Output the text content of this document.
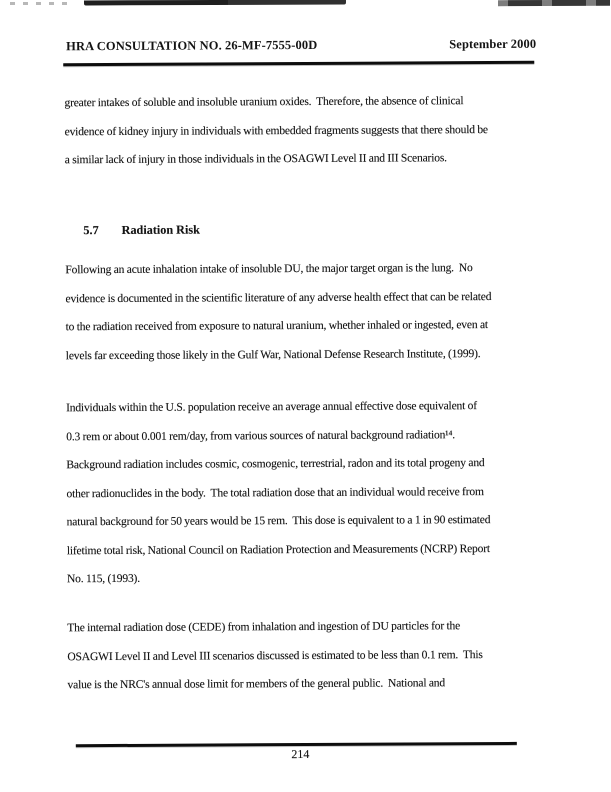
HRA CONSULTATION NO. 26-MF-7555-00D	September 2000
greater intakes of soluble and insoluble uranium oxides.  Therefore, the absence of clinical
evidence of kidney injury in individuals with embedded fragments suggests that there should be
a similar lack of injury in those individuals in the OSAGWI Level II and III Scenarios.

5.7 Radiation Risk

Following an acute inhalation intake of insoluble DU, the major target organ is the lung.  No
evidence is documented in the scientific literature of any adverse health effect that can be related
to the radiation received from exposure to natural uranium, whether inhaled or ingested, even at
levels far exceeding those likely in the Gulf War, National Defense Research Institute, (1999).
Individuals within the U.S. population receive an average annual effective dose equivalent of
0.3 rem or about 0.001 rem/day, from various sources of natural background radiation¹⁴.
Background radiation includes cosmic, cosmogenic, terrestrial, radon and its total progeny and
other radionuclides in the body.  The total radiation dose that an individual would receive from
natural background for 50 years would be 15 rem.  This dose is equivalent to a 1 in 90 estimated
lifetime total risk, National Council on Radiation Protection and Measurements (NCRP) Report
No. 115, (1993).
The internal radiation dose (CEDE) from inhalation and ingestion of DU particles for the
OSAGWI Level II and Level III scenarios discussed is estimated to be less than 0.1 rem.  This
value is the NRC's annual dose limit for members of the general public.  National and
214
